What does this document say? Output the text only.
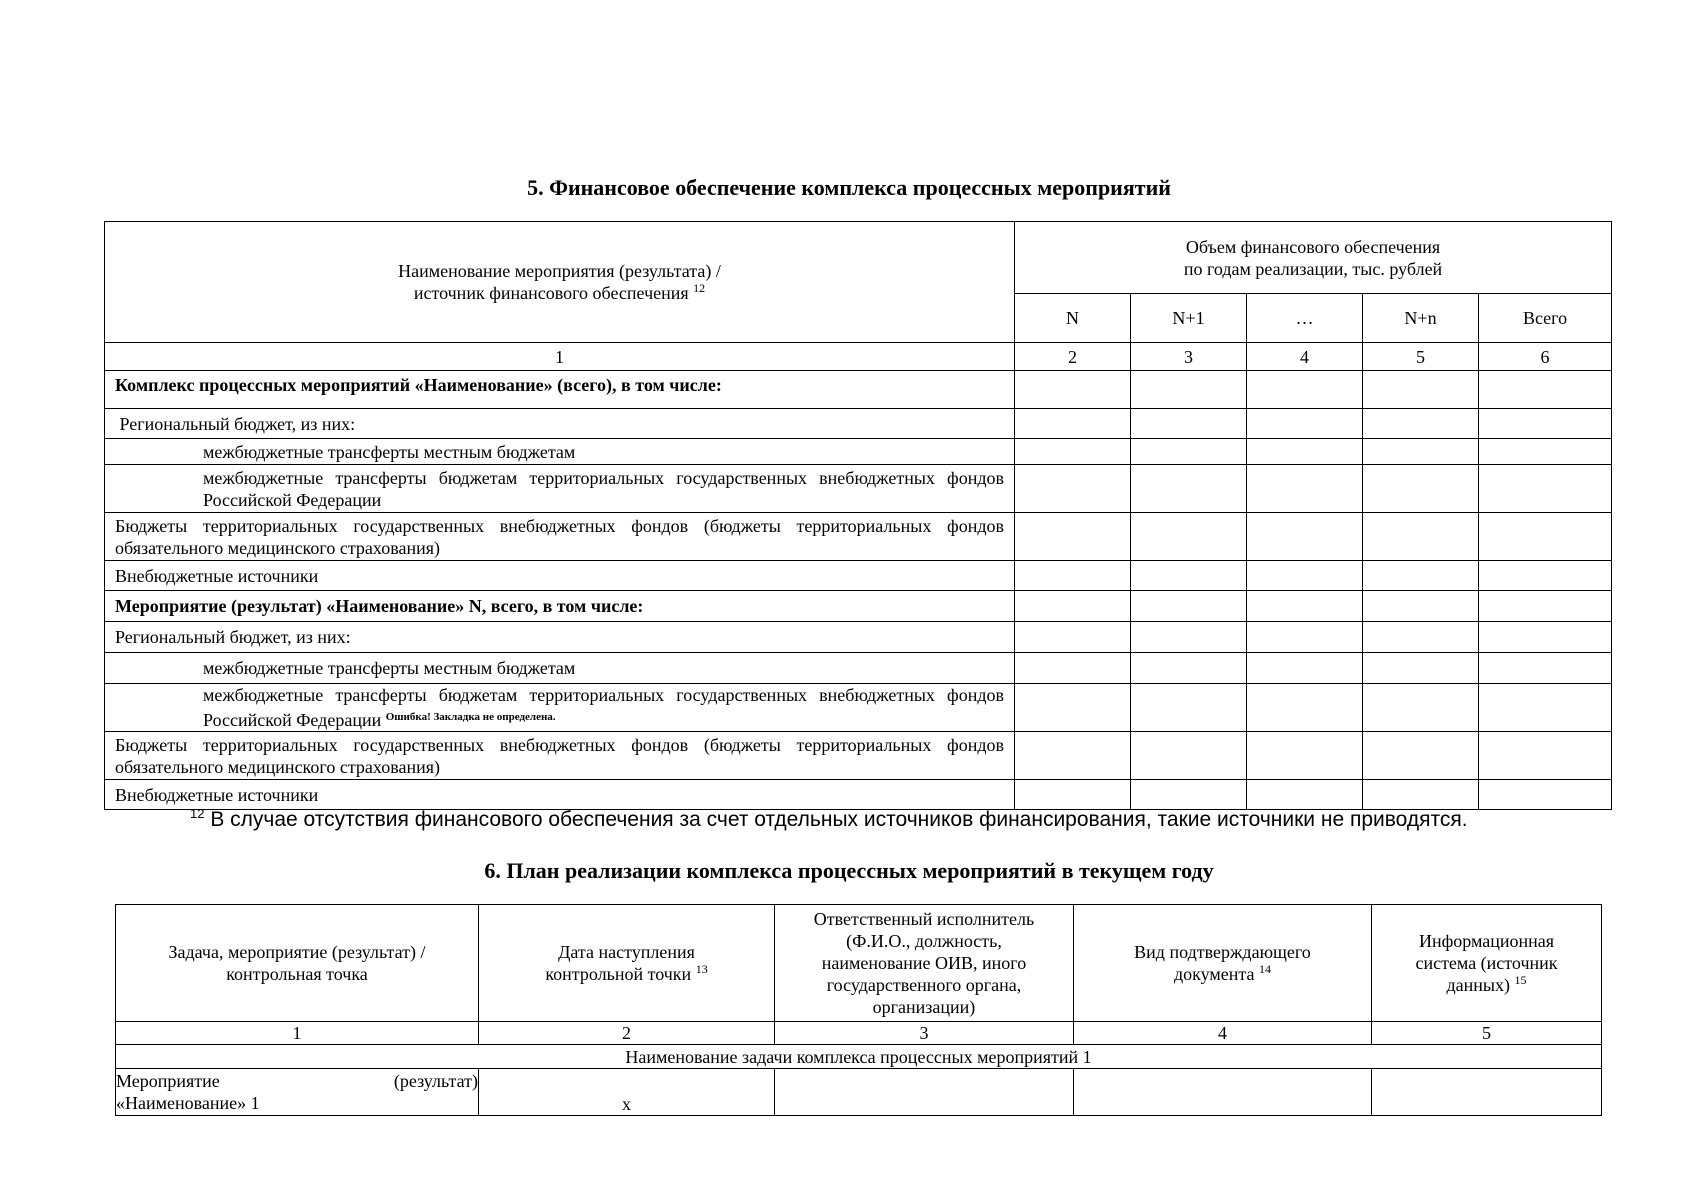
5. Финансовое обеспечение комплекса процессных мероприятий
Наименование мероприятия (результата) /
источник финансового обеспечения $^{12}$	Объем финансового обеспечения
по годам реализации, тыс. рублей				
	N	N+1	…	N+n	Всего
1	2	3	4	5	6
Комплекс процессных мероприятий «Наименование» (всего), в том числе:					
Региональный бюджет, из них:					
межбюджетные трансферты местным бюджетам					
межбюджетные трансферты бюджетам территориальных государственных внебюджетных фондов Российской Федерации					
Бюджеты территориальных государственных внебюджетных фондов (бюджеты территориальных фондов обязательного медицинского страхования)					
Внебюджетные источники					
Мероприятие (результат) «Наименование» N, всего, в том числе:					
Региональный бюджет, из них:					
межбюджетные трансферты местным бюджетам					
межбюджетные трансферты бюджетам территориальных государственных внебюджетных фондов Российской Федерации $^{Ошибка! Закладка не определена.}$					
Бюджеты территориальных государственных внебюджетных фондов (бюджеты территориальных фондов обязательного медицинского страхования)					
Внебюджетные источники					
$^{12}$ В случае отсутствия финансового обеспечения за счет отдельных источников финансирования, такие источники не приводятся.
6. План реализации комплекса процессных мероприятий в текущем году
Задача, мероприятие (результат) / контрольная точка	Дата наступления контрольной точки $^{13}$	Ответственный исполнитель (Ф.И.О., должность, наименование ОИВ, иного государственного органа, организации)	Вид подтверждающего документа $^{14}$	Информационная система (источник данных) $^{15}$
1	2	3	4	5
Наименование задачи комплекса процессных мероприятий 1				

Мероприятие (результат)
«Наименование» 1	x			
